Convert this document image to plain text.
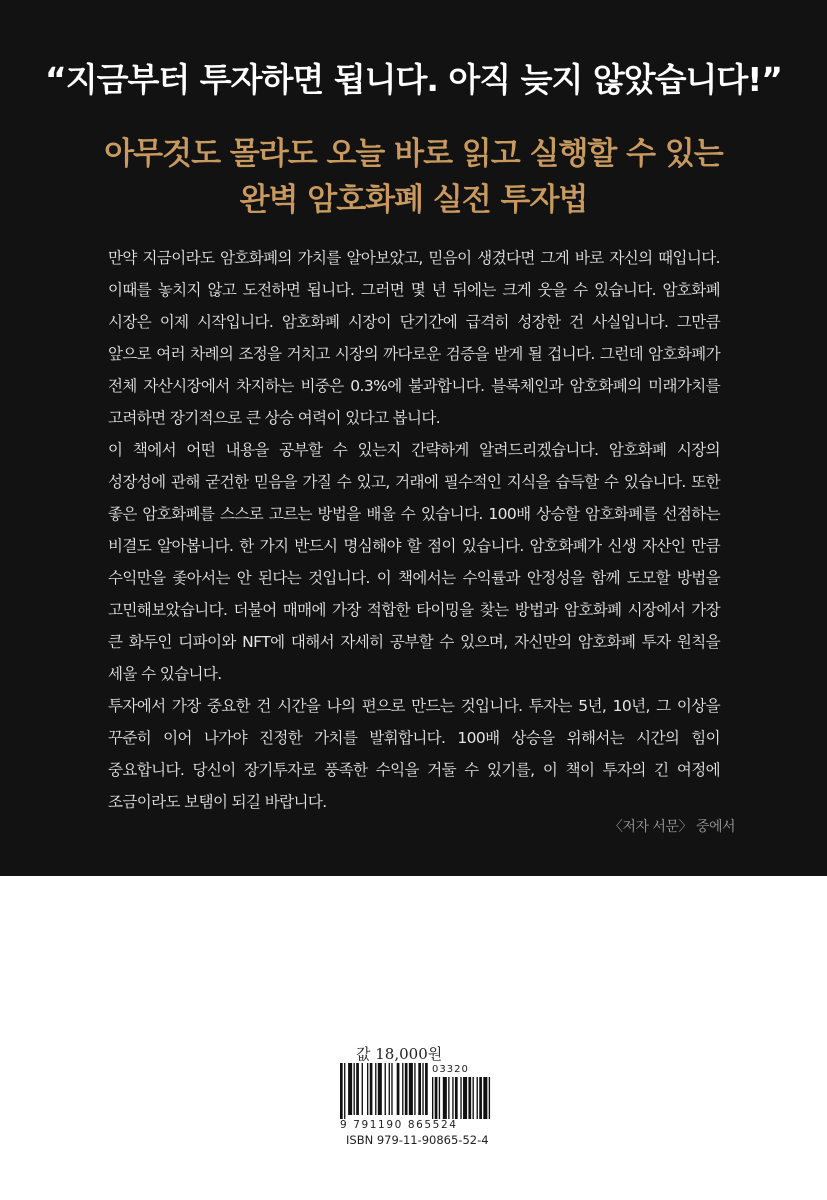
“지금부터 투자하면 됩니다. 아직 늦지 않았습니다!”
아무것도 몰라도 오늘 바로 읽고 실행할 수 있는
완벽 암호화폐 실전 투자법

만약 지금이라도 암호화폐의 가치를 알아보았고, 믿음이 생겼다면 그게 바로 자신의 때입니다. 이때를 놓치지 않고 도전하면 됩니다. 그러면 몇 년 뒤에는 크게 웃을 수 있습니다. 암호화폐 시장은 이제 시작입니다. 암호화폐 시장이 단기간에 급격히 성장한 건 사실입니다. 그만큼 앞으로 여러 차례의 조정을 거치고 시장의 까다로운 검증을 받게 될 겁니다. 그런데 암호화폐가 전체 자산시장에서 차지하는 비중은 0.3%에 불과합니다. 블록체인과 암호화폐의 미래가치를 고려하면 장기적으로 큰 상승 여력이 있다고 봅니다.

이 책에서 어떤 내용을 공부할 수 있는지 간략하게 알려드리겠습니다. 암호화폐 시장의 성장성에 관해 굳건한 믿음을 가질 수 있고, 거래에 필수적인 지식을 습득할 수 있습니다. 또한 좋은 암호화폐를 스스로 고르는 방법을 배울 수 있습니다. 100배 상승할 암호화폐를 선점하는 비결도 알아봅니다. 한 가지 반드시 명심해야 할 점이 있습니다. 암호화폐가 신생 자산인 만큼 수익만을 좇아서는 안 된다는 것입니다. 이 책에서는 수익률과 안정성을 함께 도모할 방법을 고민해보았습니다. 더불어 매매에 가장 적합한 타이밍을 찾는 방법과 암호화폐 시장에서 가장 큰 화두인 디파이와 NFT에 대해서 자세히 공부할 수 있으며, 자신만의 암호화폐 투자 원칙을 세울 수 있습니다.

투자에서 가장 중요한 건 시간을 나의 편으로 만드는 것입니다. 투자는 5년, 10년, 그 이상을 꾸준히 이어 나가야 진정한 가치를 발휘합니다. 100배 상승을 위해서는 시간의 힘이 중요합니다. 당신이 장기투자로 풍족한 수익을 거둘 수 있기를, 이 책이 투자의 긴 여정에 조금이라도 보탬이 되길 바랍니다.

〈저자 서문〉 중에서
값 18,000원
03320
9 791190 865524
ISBN 979-11-90865-52-4
